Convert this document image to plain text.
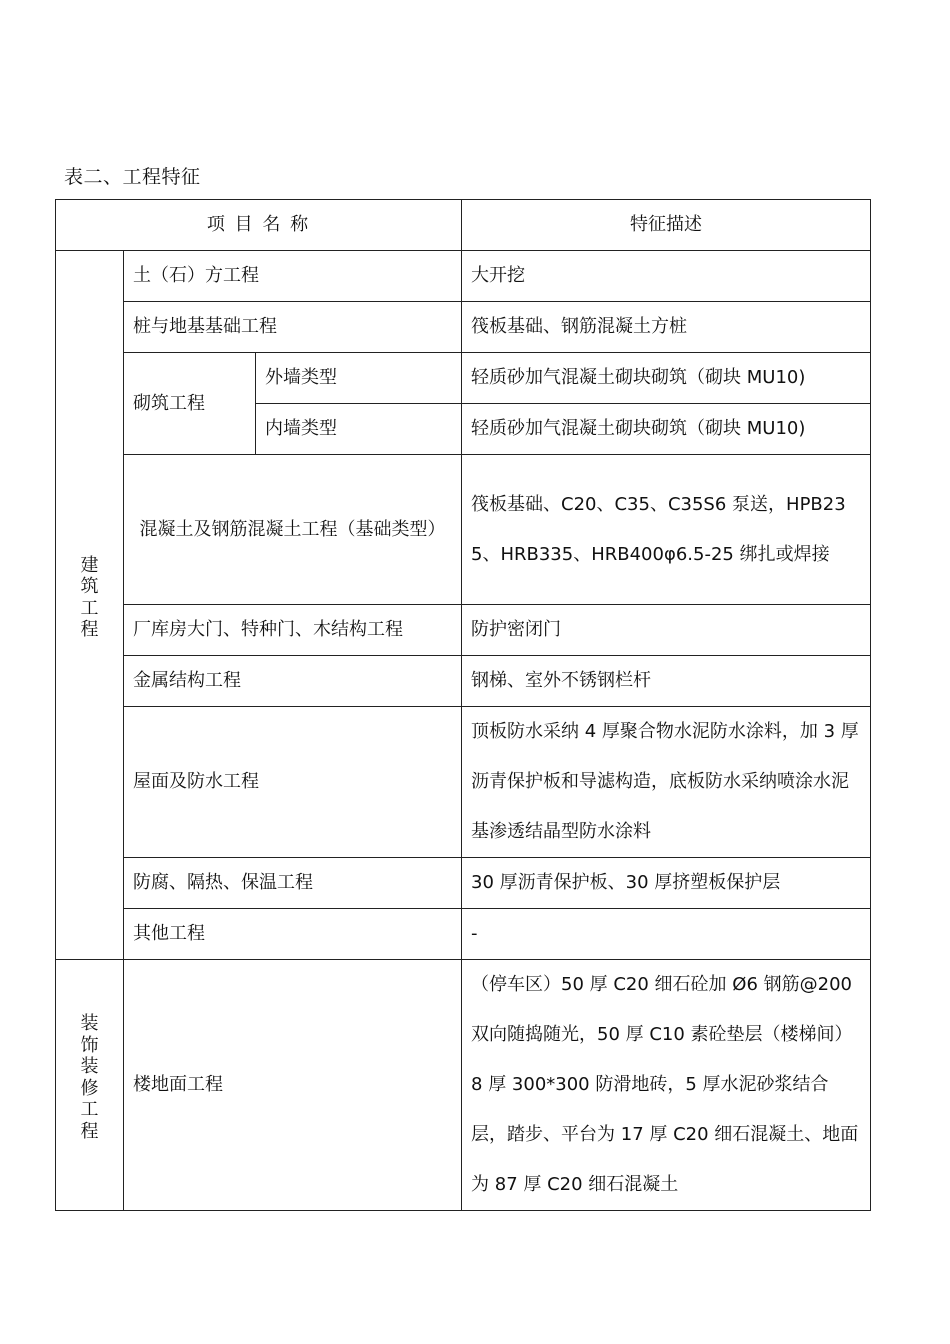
表二、工程特征
项 目 名 称			特征描述
建筑工程	土（石）方工程		大开挖
	桩与地基基础工程		筏板基础、钢筋混凝土方桩
	砌筑工程	外墙类型	轻质砂加气混凝土砌块砌筑（砌块 MU10)
		内墙类型	轻质砂加气混凝土砌块砌筑（砌块 MU10)
	混凝土及钢筋混凝土工程（基础类型）		筏板基础、C20、C35、C35S6 泵送，HPB235、HRB335、HRB400φ6.5-25 绑扎或焊接
	厂库房大门、特种门、木结构工程		防护密闭门
	金属结构工程		钢梯、室外不锈钢栏杆
	屋面及防水工程		顶板防水采纳 4 厚聚合物水泥防水涂料，加 3 厚沥青保护板和导滤构造，底板防水采纳喷涂水泥基渗透结晶型防水涂料
	防腐、隔热、保温工程		30 厚沥青保护板、30 厚挤塑板保护层
	其他工程		-
装饰装修工程	楼地面工程		（停车区）50 厚 C20 细石砼加 Ø6 钢筋@200 双向随捣随光，50 厚 C10 素砼垫层（楼梯间）8 厚 300*300 防滑地砖，5 厚水泥砂浆结合层，踏步、平台为 17 厚 C20 细石混凝土、地面为 87 厚 C20 细石混凝土
